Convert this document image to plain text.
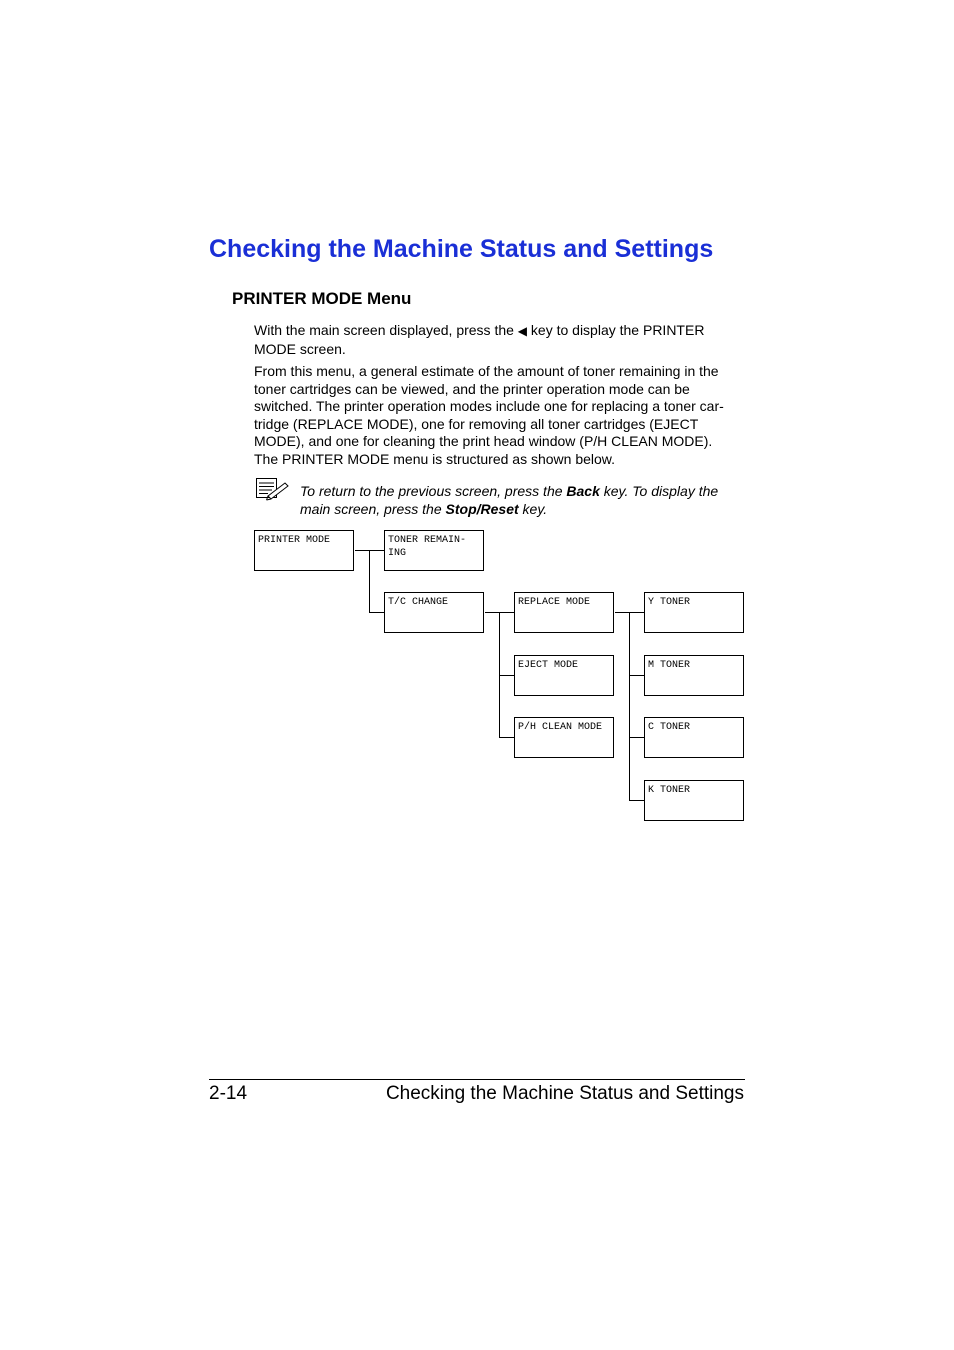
Checking the Machine Status and Settings
PRINTER MODE Menu
With the main screen displayed, press the ◀ key to display the PRINTER
MODE screen.
From this menu, a general estimate of the amount of toner remaining in the
toner cartridges can be viewed, and the printer operation mode can be
switched. The printer operation modes include one for replacing a toner car-
tridge (REPLACE MODE), one for removing all toner cartridges (EJECT
MODE), and one for cleaning the print head window (P/H CLEAN MODE).
The PRINTER MODE menu is structured as shown below.
To return to the previous screen, press the Back key. To display the
main screen, press the Stop/Reset key.
PRINTER MODE	TONER REMAIN-
ING
T/C CHANGE	REPLACE MODE
EJECT MODE
P/H CLEAN MODE
Y TONER
M TONER
C TONER
K TONER
2-14	Checking the Machine Status and Settings
